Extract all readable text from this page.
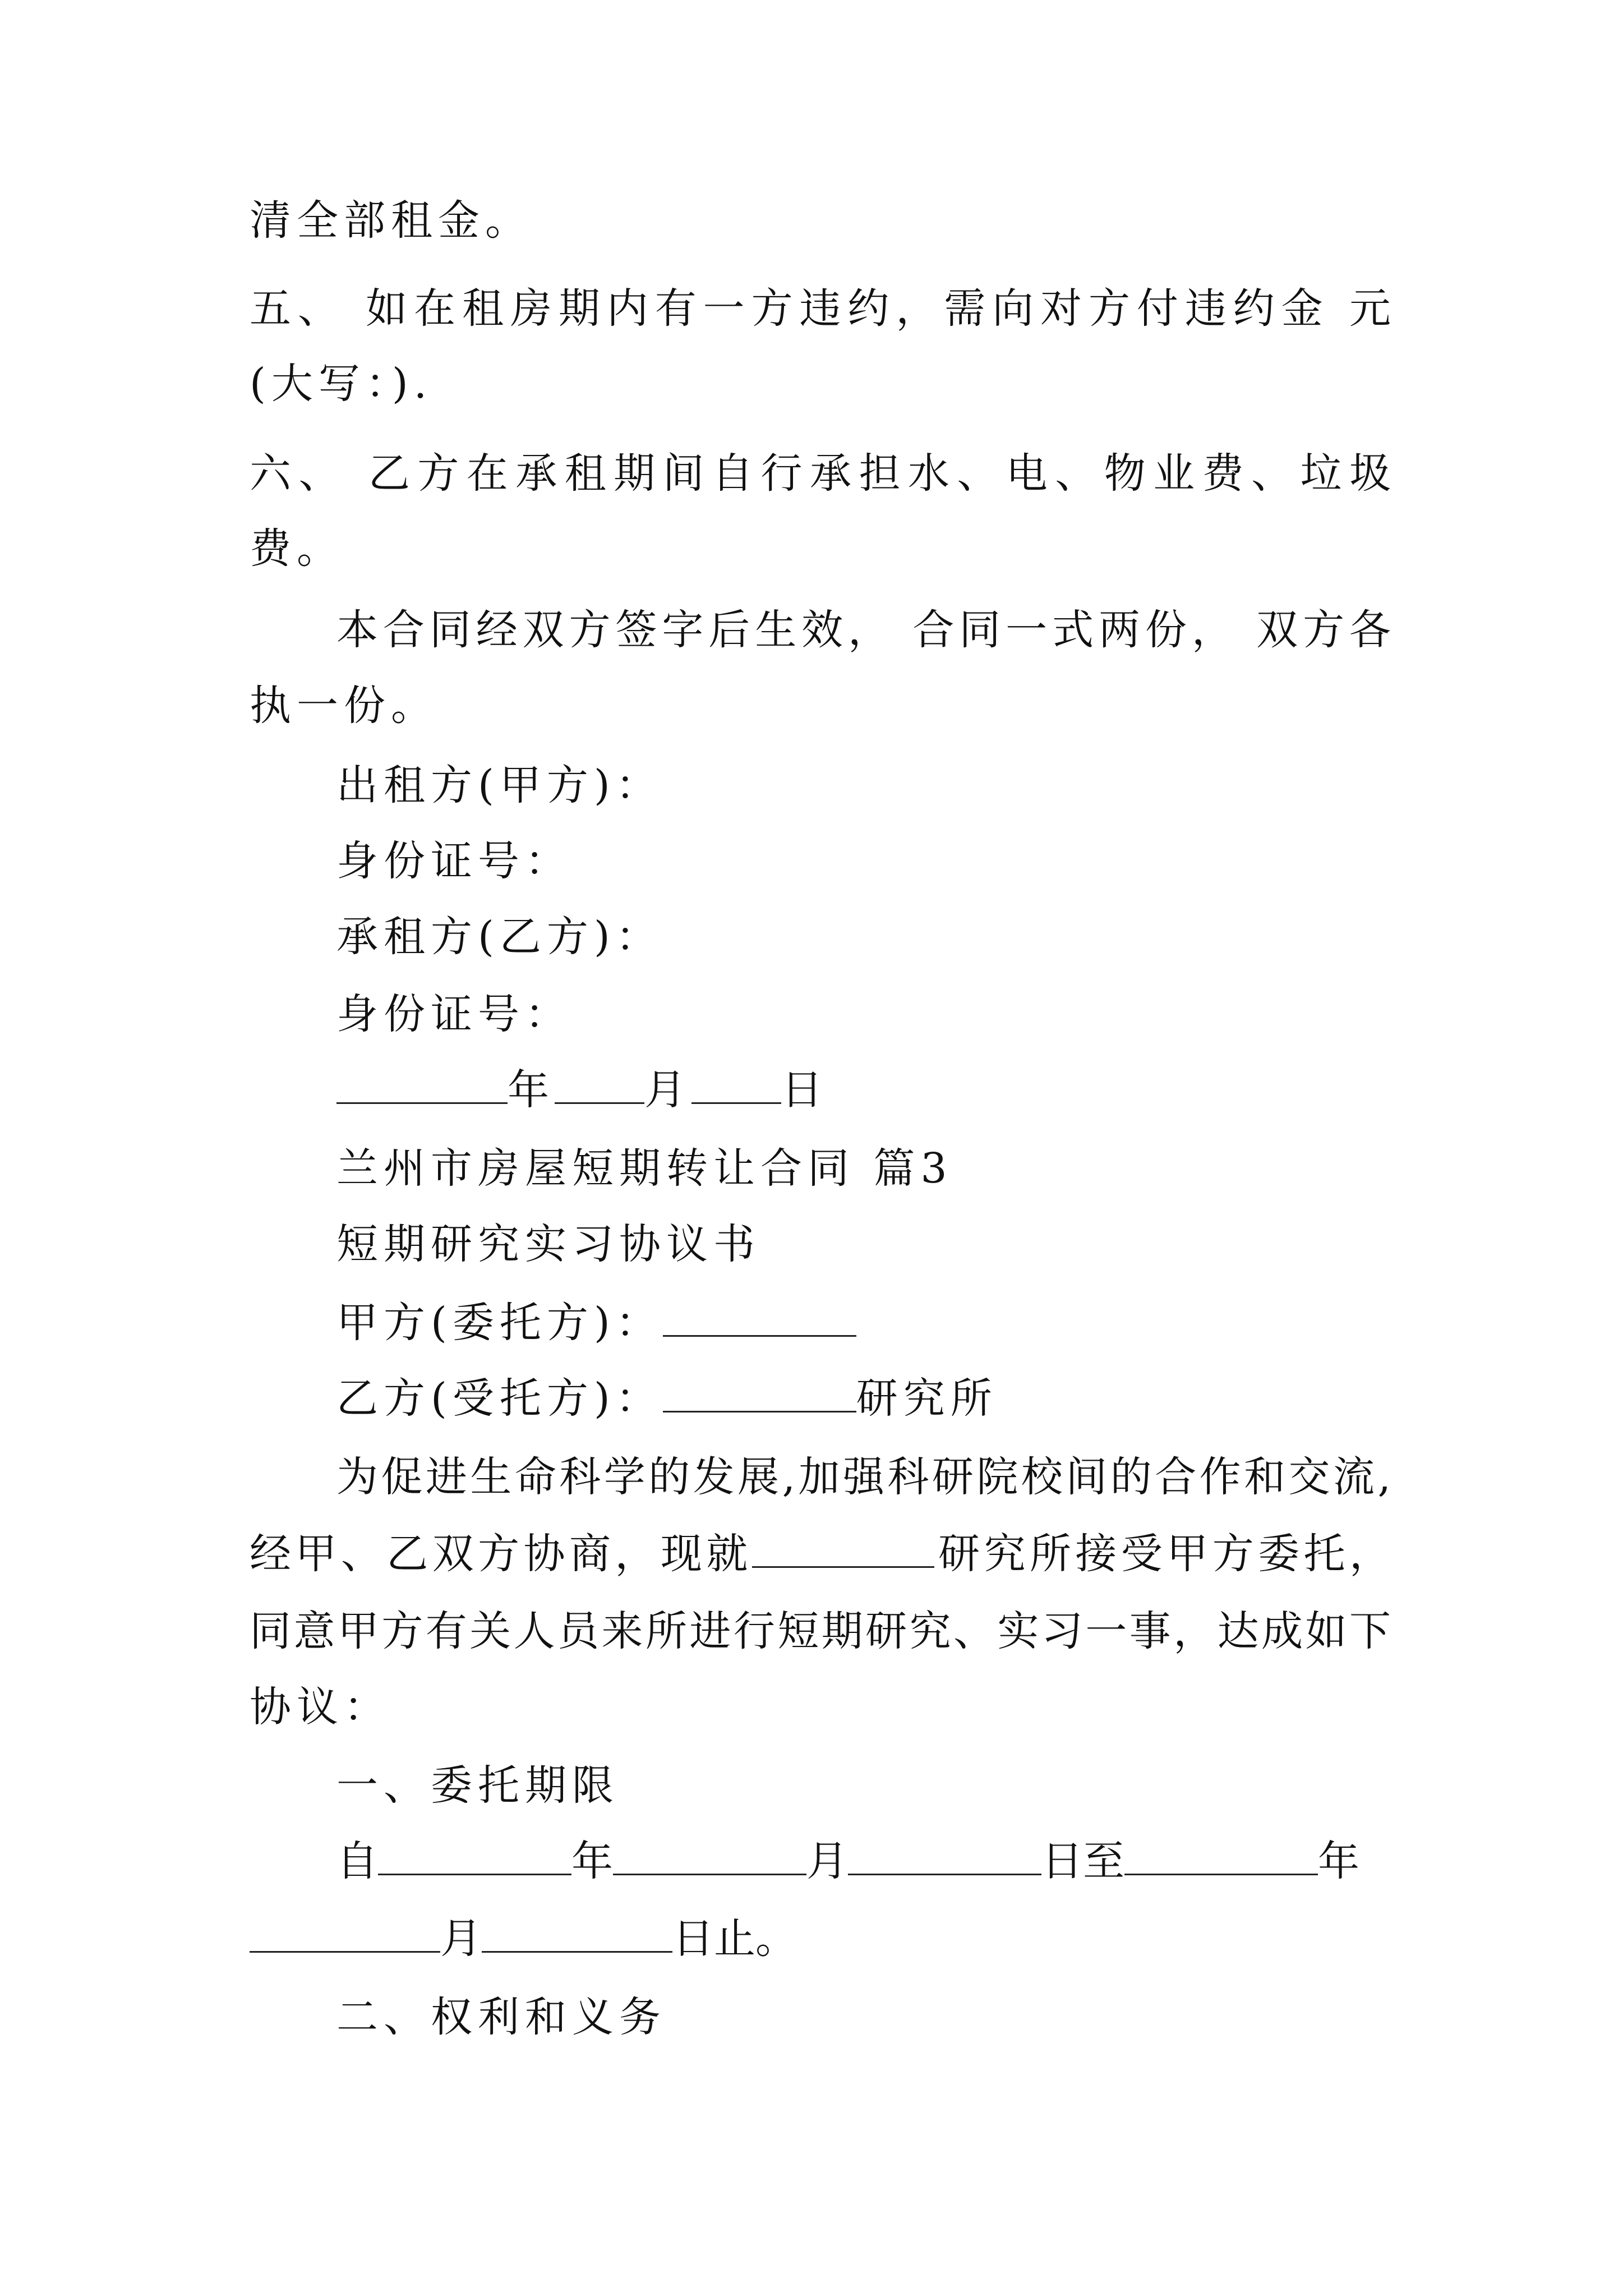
清全部租金。
五、 如在租房期内有一方违约，需向对方付违约金 元
(大写：).
六、 乙方在承租期间自行承担水、电、物业费、垃圾
费。
本合同经双方签字后生效， 合同一式两份， 双方各
执一份。
出租方(甲方)：
身份证号：
承租方(乙方)：
身份证号：
年 月 日
兰州市房屋短期转让合同 篇3
短期研究实习协议书
甲方(委托方)：
乙方(受托方)：	研究所
为促进生命科学的发展,加强科研院校间的合作和交流,
经甲、乙双方协商，现就	研究所接受甲方委托，
同意甲方有关人员来所进行短期研究、实习一事，达成如下
协议：
一、委托期限
自	年	月	日至	年
月	日止。
二、权利和义务
